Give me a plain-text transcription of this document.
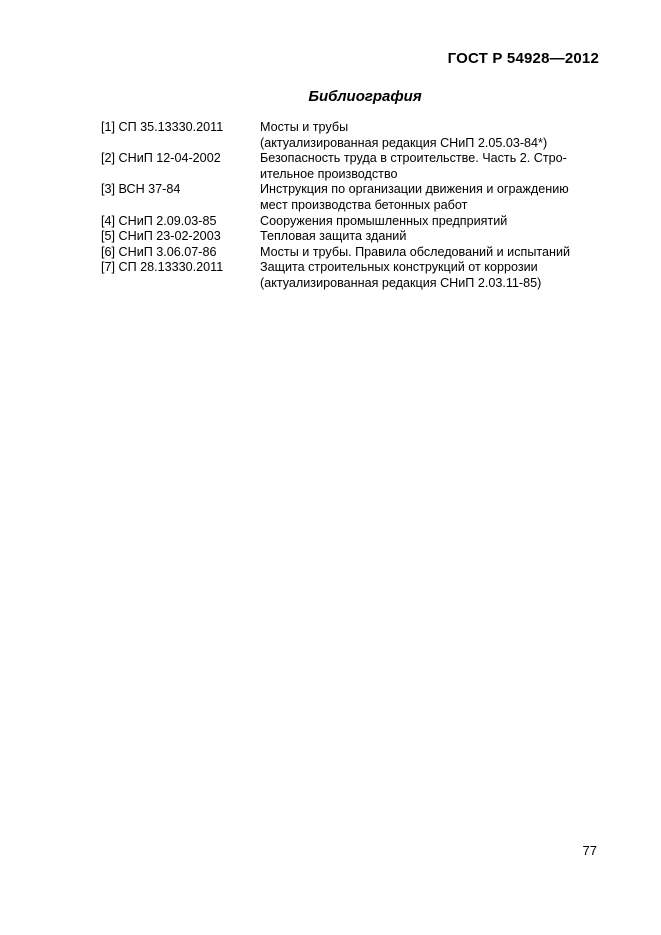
ГОСТ Р 54928—2012
Библиография
[1] СП 35.13330.2011	Мосты и трубы
(актуализированная редакция СНиП 2.05.03-84*)
[2] СНиП 12-04-2002	Безопасность труда в строительстве. Часть 2. Стро-
ительное производство
[3] ВСН 37-84	Инструкция по организации движения и ограждению
мест производства бетонных работ
[4] СНиП 2.09.03-85	Сооружения промышленных предприятий
[5] СНиП 23-02-2003	Тепловая защита зданий
[6] СНиП 3.06.07-86	Мосты и трубы. Правила обследований и испытаний
[7] СП 28.13330.2011	Защита строительных конструкций от коррозии
(актуализированная редакция СНиП 2.03.11-85)
77
